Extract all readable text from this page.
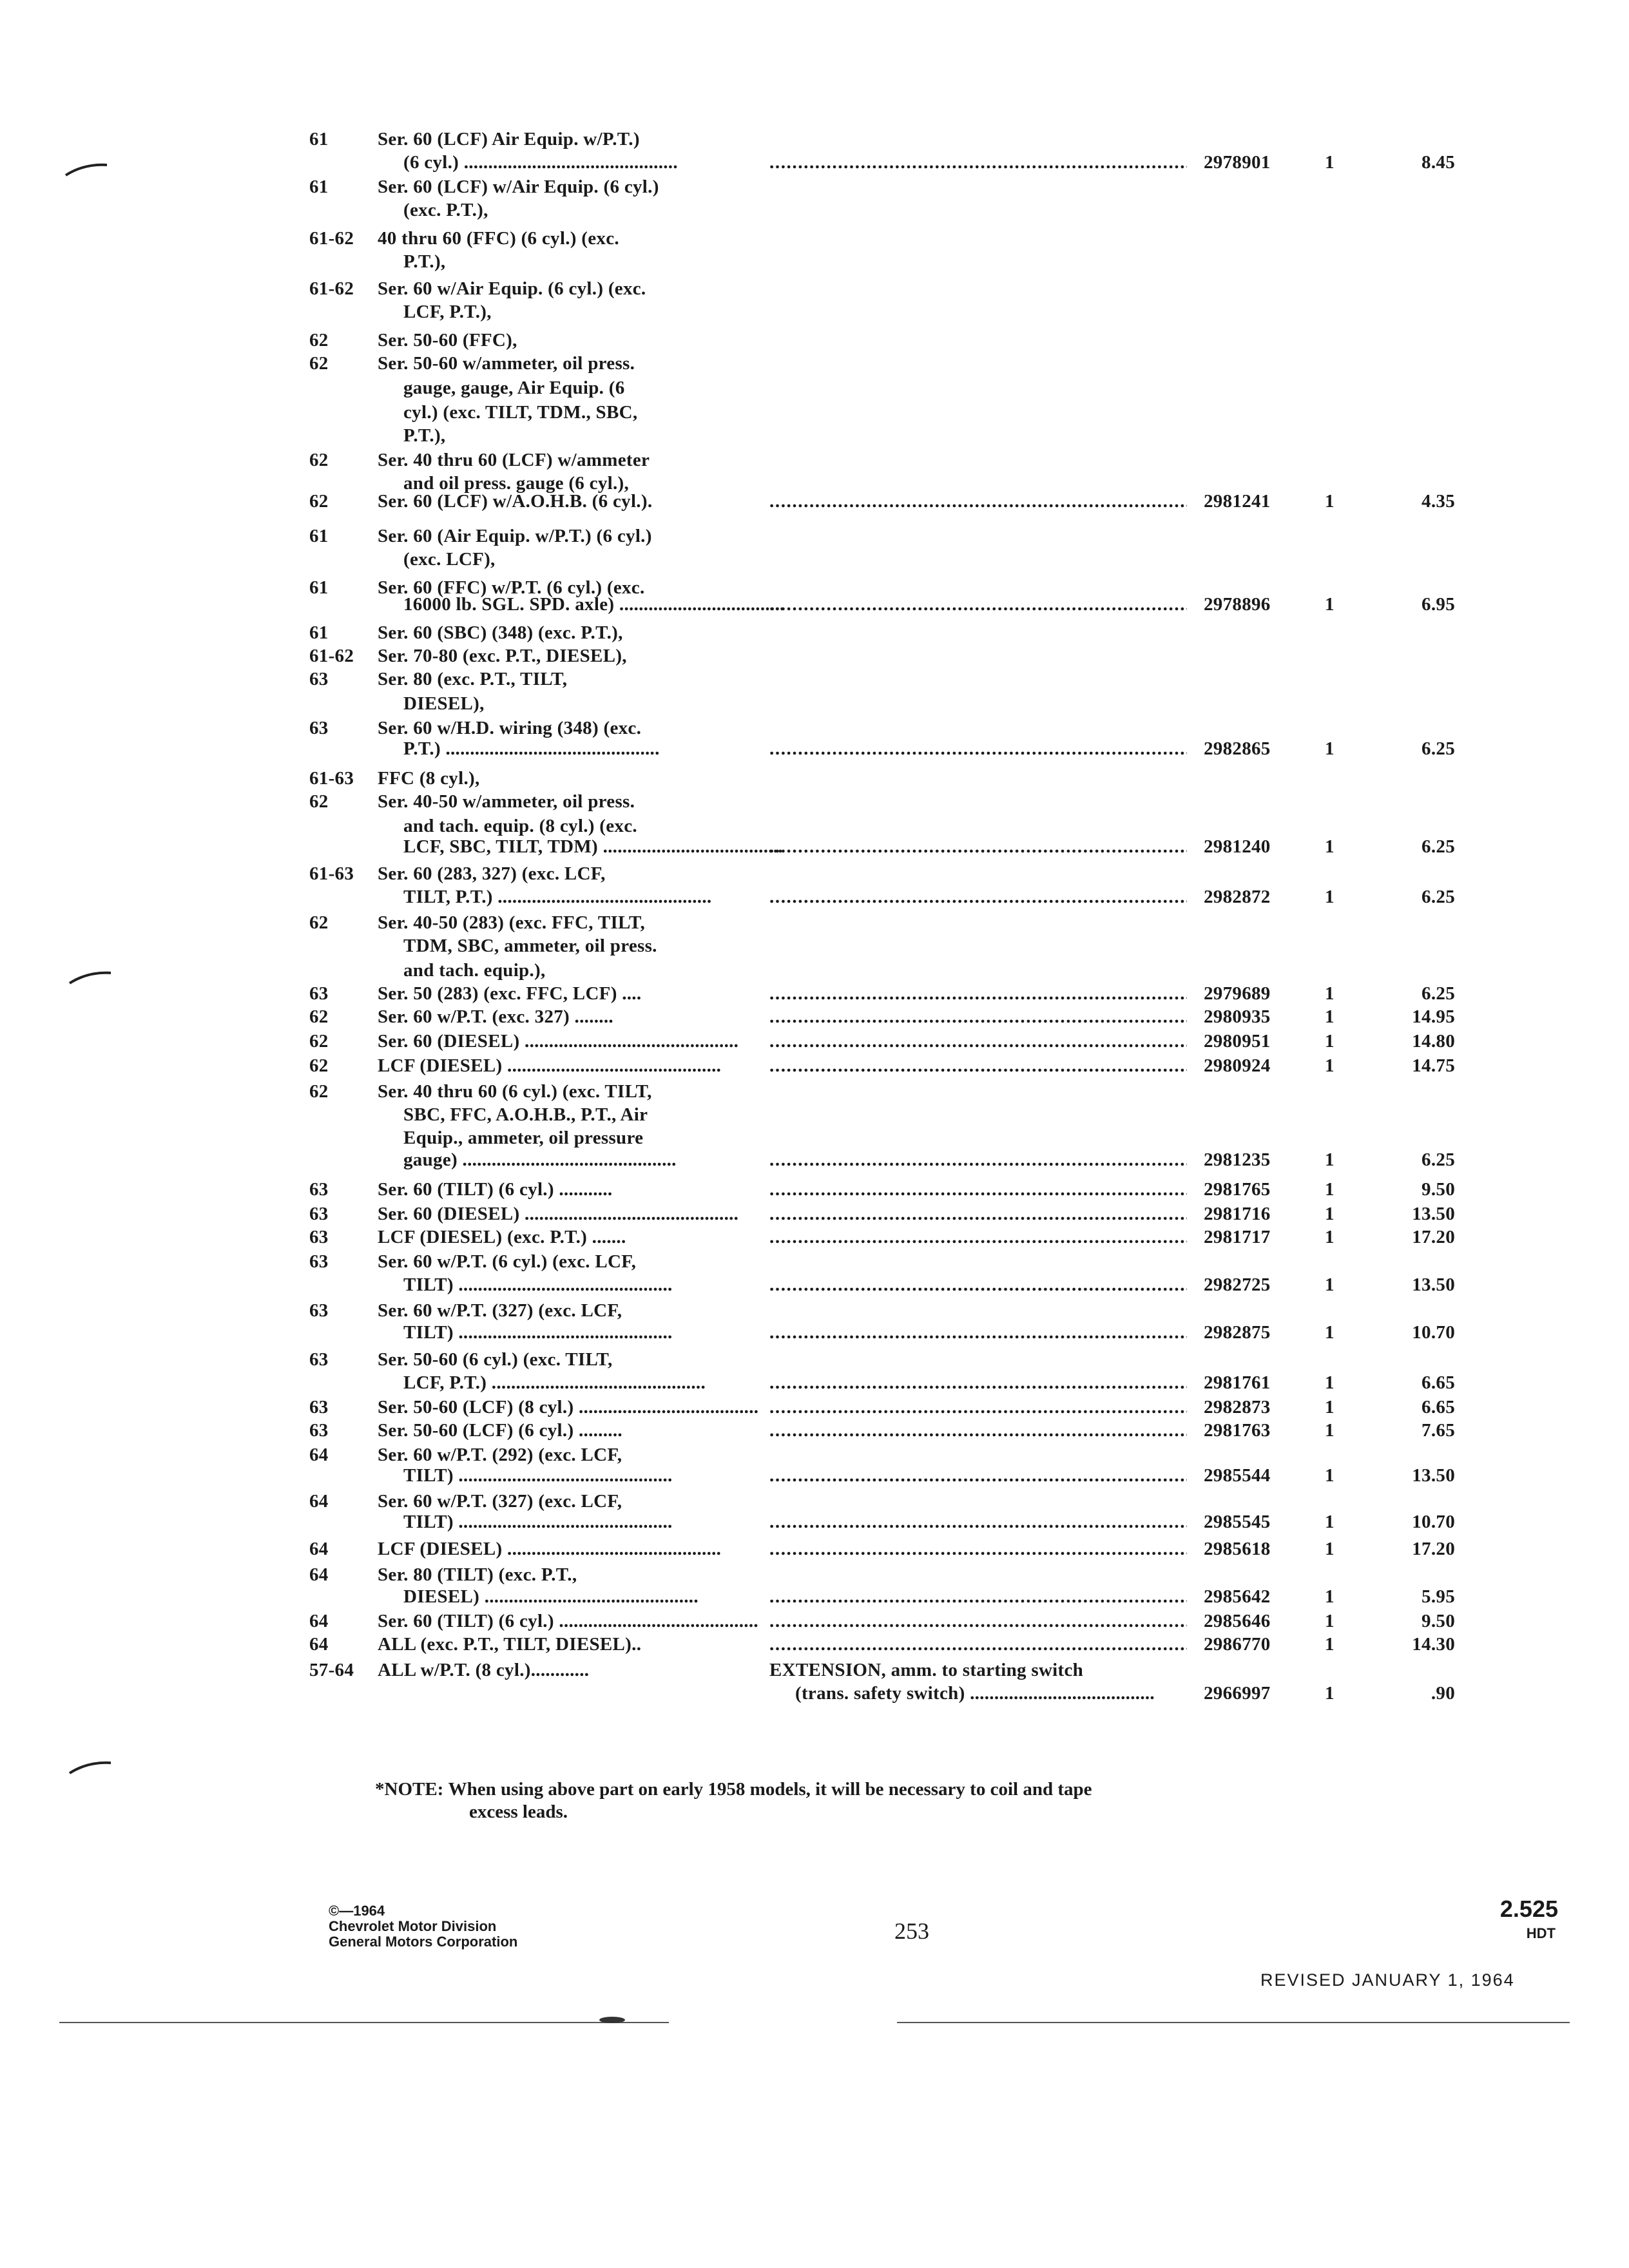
61	Ser. 60 (LCF) Air Equip. w/P.T.)
(6 cyl.) ..... .....	2978901	1	8.45
61	Ser. 60 (LCF) w/Air Equip. (6 cyl.)
(exc. P.T.),
61-62 40 thru 60 (FFC) (6 cyl.) (exc.
P.T.),
61-62 Ser. 60 w/Air Equip. (6 cyl.) (exc.
LCF, P.T.),
62	Ser. 50-60 (FFC),
62	Ser. 50-60 w/ammeter, oil press.
gauge, gauge, Air Equip. (6
cyl.) (exc. TILT, TDM., SBC,
P.T.),
62	Ser. 40 thru 60 (LCF) w/ammeter
and oil press. gauge (6 cyl.),
62	Ser. 60 (LCF) w/A.O.H.B. (6 cyl.). .....	2981241	1	4.35
61	Ser. 60 (Air Equip. w/P.T.) (6 cyl.)
(exc. LCF),
61	Ser. 60 (FFC) w/P.T. (6 cyl.) (exc.
16000 lb. SGL. SPD. axle) ..... .....	2978896	1	6.95
61	Ser. 60 (SBC) (348) (exc. P.T.),
61-62 Ser. 70-80 (exc. P.T., DIESEL),
63	Ser. 80 (exc. P.T., TILT,
DIESEL),
63	Ser. 60 w/H.D. wiring (348) (exc.
P.T.) ..... .....	2982865	1	6.25
61-63 FFC (8 cyl.),
62	Ser. 40-50 w/ammeter, oil press.
and tach. equip. (8 cyl.) (exc.
LCF, SBC, TILT, TDM) ..... .....	2981240	1	6.25
61-63 Ser. 60 (283, 327) (exc. LCF,
TILT, P.T.) ..... .....	2982872	1	6.25
62	Ser. 40-50 (283) (exc. FFC, TILT,
TDM, SBC, ammeter, oil press.
and tach. equip.),
63	Ser. 50 (283) (exc. FFC, LCF) .... .....	2979689	1	6.25
62	Ser. 60 w/P.T. (exc. 327) ........ .....	2980935	1	14.95
62	Ser. 60 (DIESEL) ..... .....	2980951	1	14.80
62	LCF (DIESEL) ..... .....	2980924	1	14.75
62	Ser. 40 thru 60 (6 cyl.) (exc. TILT,
SBC, FFC, A.O.H.B., P.T., Air
Equip., ammeter, oil pressure
gauge) ..... .....	2981235	1	6.25
63	Ser. 60 (TILT) (6 cyl.) ........... .....	2981765	1	9.50
63	Ser. 60 (DIESEL) ..... .....	2981716	1	13.50
63	LCF (DIESEL) (exc. P.T.) ....... .....	2981717	1	17.20
63	Ser. 60 w/P.T. (6 cyl.) (exc. LCF,
TILT) ..... .....	2982725	1	13.50
63	Ser. 60 w/P.T. (327) (exc. LCF,
TILT) ..... .....	2982875	1	10.70
63	Ser. 50-60 (6 cyl.) (exc. TILT,
LCF, P.T.) ..... .....	2981761	1	6.65
63	Ser. 50-60 (LCF) (8 cyl.) ..... .....	2982873	1	6.65
63	Ser. 50-60 (LCF) (6 cyl.) ......... .....	2981763	1	7.65
64	Ser. 60 w/P.T. (292) (exc. LCF,
TILT) ..... .....	2985544	1	13.50
64	Ser. 60 w/P.T. (327) (exc. LCF,
TILT) ..... .....	2985545	1	10.70
64	LCF (DIESEL) ..... .....	2985618	1	17.20
64	Ser. 80 (TILT) (exc. P.T.,
DIESEL) ..... .....	2985642	1	5.95
64	Ser. 60 (TILT) (6 cyl.) ..... .....	2985646	1	9.50
64	ALL (exc. P.T., TILT, DIESEL).. .....	2986770	1	14.30
57-64 ALL w/P.T. (8 cyl.)............	EXTENSION, amm. to starting switch
(trans. safety switch) .....	2966997	1	.90
*NOTE: When using above part on early 1958 models, it will be necessary to coil and tape
excess leads.
©—1964
Chevrolet Motor Division
General Motors Corporation	253
2.525
HDT
REVISED JANUARY 1, 1964
